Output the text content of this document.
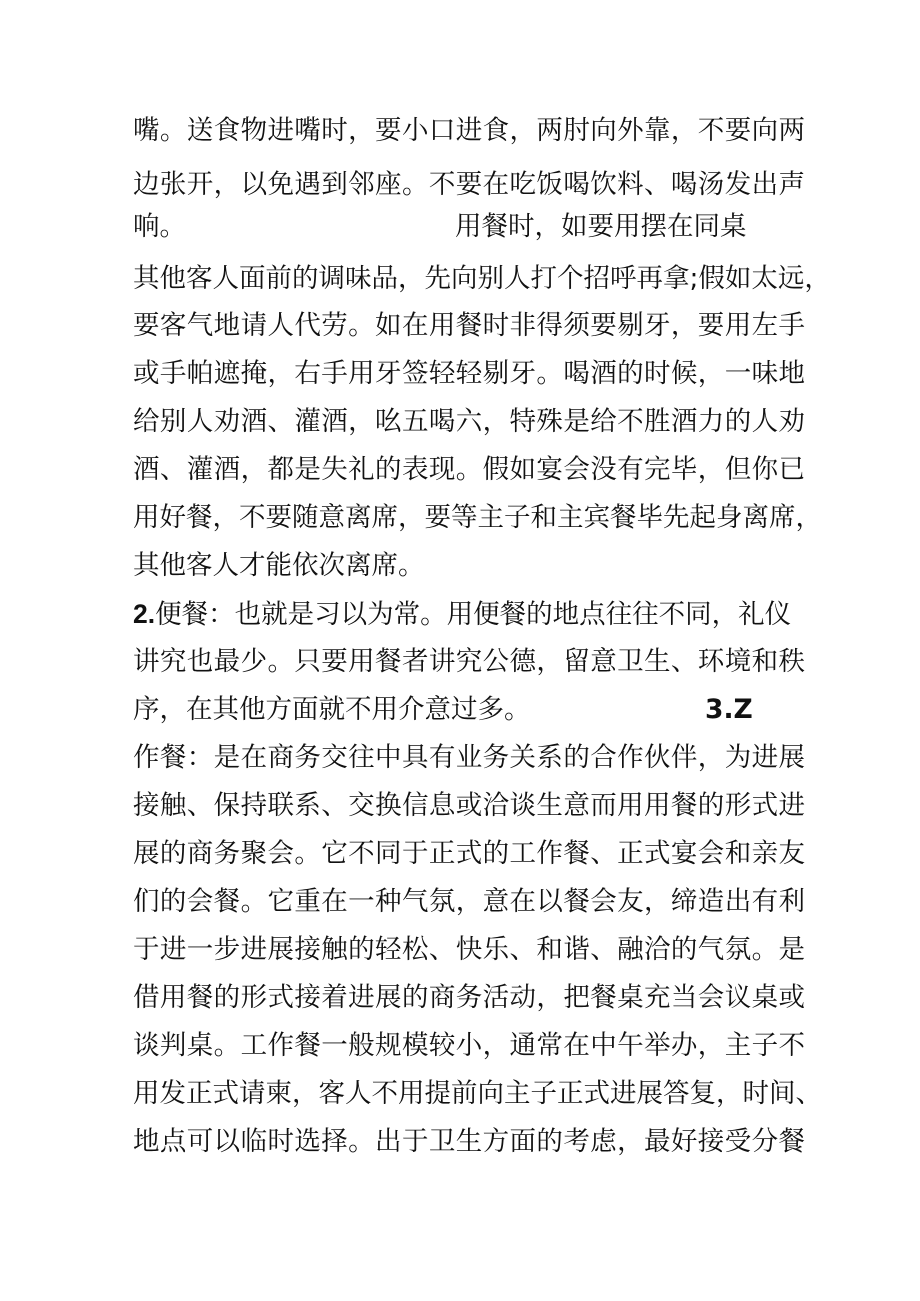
嘴。送食物进嘴时，要小口进食，两肘向外靠，不要向两
边张开，以免遇到邻座。不要在吃饭喝饮料、喝汤发出声
响。	用餐时，如要用摆在同桌
其他客人面前的调味品，先向别人打个招呼再拿;假如太远，
要客气地请人代劳。如在用餐时非得须要剔牙，要用左手
或手帕遮掩，右手用牙签轻轻剔牙。喝酒的时候，一味地
给别人劝酒、灌酒，吆五喝六，特殊是给不胜酒力的人劝
酒、灌酒，都是失礼的表现。假如宴会没有完毕，但你已
用好餐，不要随意离席，要等主子和主宾餐毕先起身离席，
其他客人才能依次离席。
2.便餐：也就是习以为常。用便餐的地点往往不同，礼仪
讲究也最少。只要用餐者讲究公德，留意卫生、环境和秩
序，在其他方面就不用介意过多。	3.Z
作餐：是在商务交往中具有业务关系的合作伙伴，为进展
接触、保持联系、交换信息或洽谈生意而用用餐的形式进
展的商务聚会。它不同于正式的工作餐、正式宴会和亲友
们的会餐。它重在一种气氛，意在以餐会友，缔造出有利
于进一步进展接触的轻松、快乐、和谐、融洽的气氛。是
借用餐的形式接着进展的商务活动，把餐桌充当会议桌或
谈判桌。工作餐一般规模较小，通常在中午举办，主子不
用发正式请柬，客人不用提前向主子正式进展答复，时间、
地点可以临时选择。出于卫生方面的考虑，最好接受分餐
